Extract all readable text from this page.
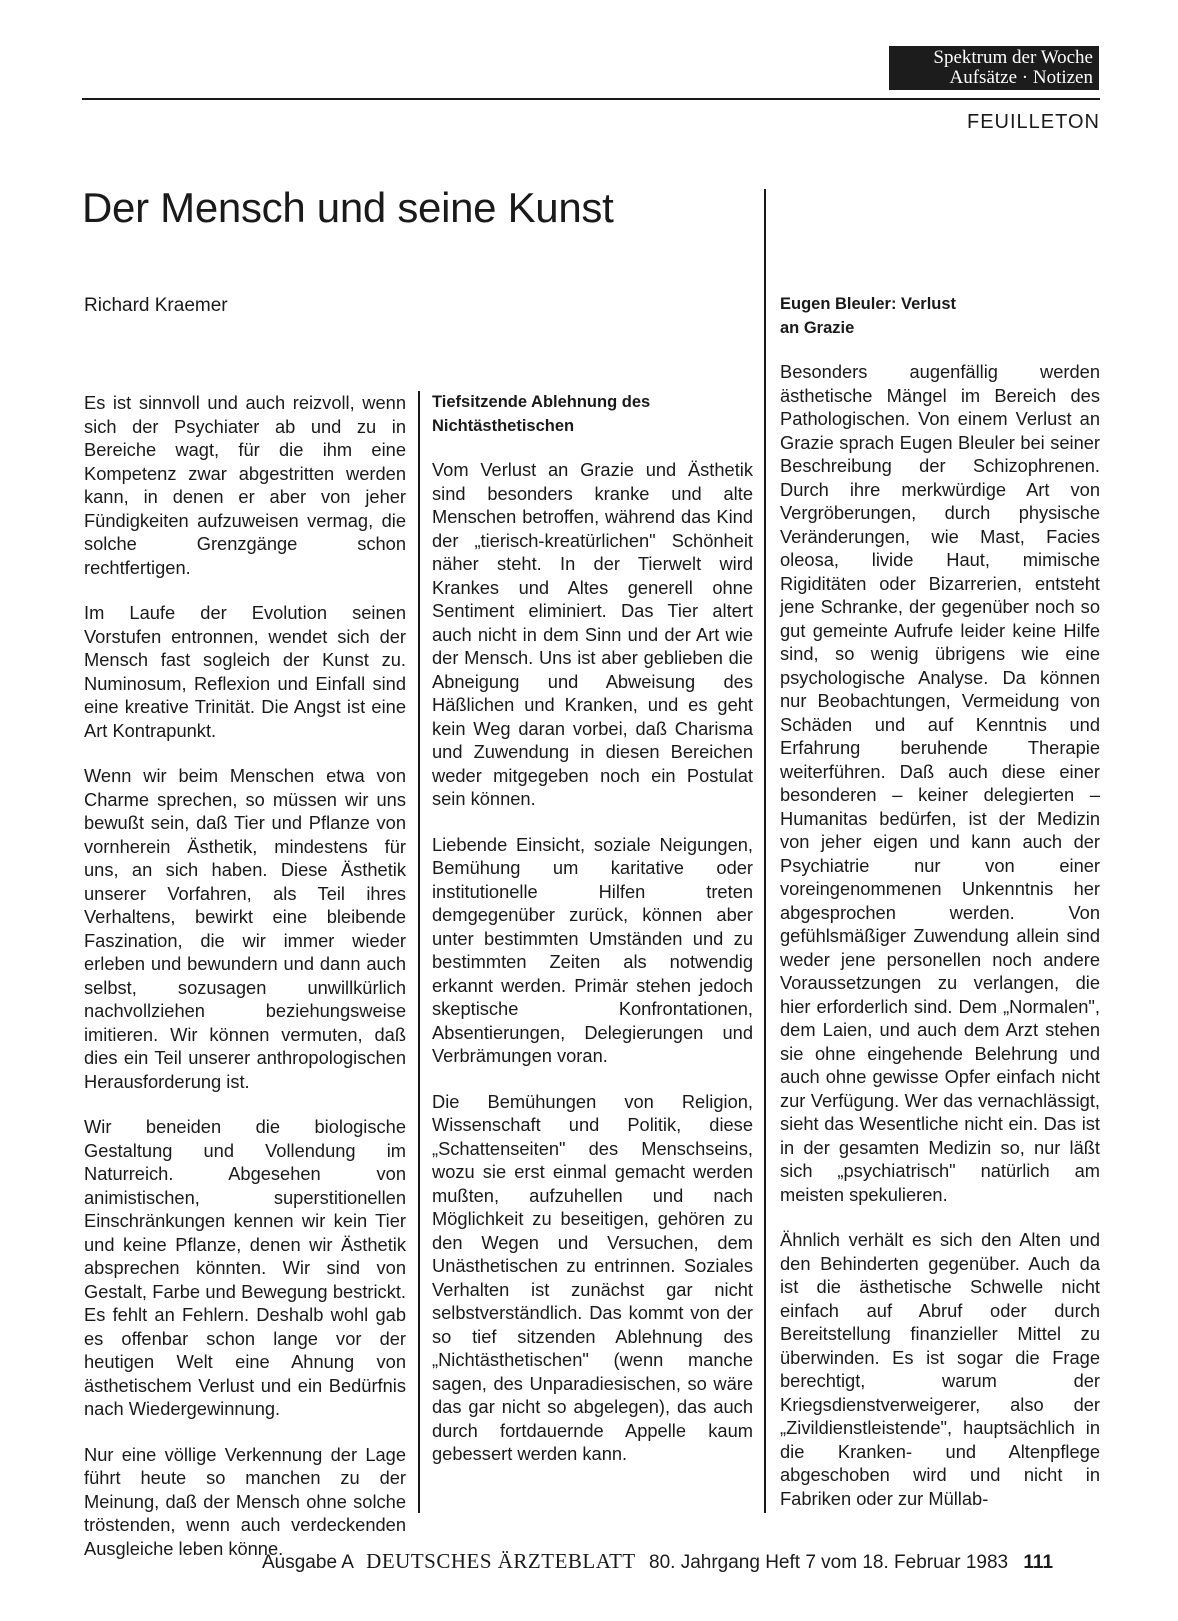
Spektrum der Woche
Aufsätze · Notizen
FEUILLETON
Der Mensch und seine Kunst
Richard Kraemer

Es ist sinnvoll und auch reizvoll, wenn sich der Psychiater ab und zu in Bereiche wagt, für die ihm eine Kompetenz zwar abgestritten werden kann, in denen er aber von jeher Fündigkeiten aufzuweisen vermag, die solche Grenzgänge schon rechtfertigen.

Im Laufe der Evolution seinen Vorstufen entronnen, wendet sich der Mensch fast sogleich der Kunst zu. Numinosum, Reflexion und Einfall sind eine kreative Trinität. Die Angst ist eine Art Kontrapunkt.

Wenn wir beim Menschen etwa von Charme sprechen, so müssen wir uns bewußt sein, daß Tier und Pflanze von vornherein Ästhetik, mindestens für uns, an sich haben. Diese Ästhetik unserer Vorfahren, als Teil ihres Verhaltens, bewirkt eine bleibende Faszination, die wir immer wieder erleben und bewundern und dann auch selbst, sozusagen unwillkürlich nachvollziehen beziehungsweise imitieren. Wir können vermuten, daß dies ein Teil unserer anthropologischen Herausforderung ist.

Wir beneiden die biologische Gestaltung und Vollendung im Naturreich. Abgesehen von animistischen, superstitionellen Einschränkungen kennen wir kein Tier und keine Pflanze, denen wir Ästhetik absprechen könnten. Wir sind von Gestalt, Farbe und Bewegung bestrickt. Es fehlt an Fehlern. Deshalb wohl gab es offenbar schon lange vor der heutigen Welt eine Ahnung von ästhetischem Verlust und ein Bedürfnis nach Wiedergewinnung.

Nur eine völlige Verkennung der Lage führt heute so manchen zu der Meinung, daß der Mensch ohne solche tröstenden, wenn auch verdeckenden Ausgleiche leben könne.

Tiefsitzende Ablehnung des Nichtästhetischen

Vom Verlust an Grazie und Ästhetik sind besonders kranke und alte Menschen betroffen, während das Kind der „tierisch-kreatürlichen" Schönheit näher steht. In der Tierwelt wird Krankes und Altes generell ohne Sentiment eliminiert. Das Tier altert auch nicht in dem Sinn und der Art wie der Mensch. Uns ist aber geblieben die Abneigung und Abweisung des Häßlichen und Kranken, und es geht kein Weg daran vorbei, daß Charisma und Zuwendung in diesen Bereichen weder mitgegeben noch ein Postulat sein können.

Liebende Einsicht, soziale Neigungen, Bemühung um karitative oder institutionelle Hilfen treten demgegenüber zurück, können aber unter bestimmten Umständen und zu bestimmten Zeiten als notwendig erkannt werden. Primär stehen jedoch skeptische Konfrontationen, Absentierungen, Delegierungen und Verbrämungen voran.

Die Bemühungen von Religion, Wissenschaft und Politik, diese „Schattenseiten" des Menschseins, wozu sie erst einmal gemacht werden mußten, aufzuhellen und nach Möglichkeit zu beseitigen, gehören zu den Wegen und Versuchen, dem Unästhetischen zu entrinnen. Soziales Verhalten ist zunächst gar nicht selbstverständlich. Das kommt von der so tief sitzenden Ablehnung des „Nichtästhetischen" (wenn manche sagen, des Unparadiesischen, so wäre das gar nicht so abgelegen), das auch durch fortdauernde Appelle kaum gebessert werden kann.

Eugen Bleuler: Verlust an Grazie

Besonders augenfällig werden ästhetische Mängel im Bereich des Pathologischen. Von einem Verlust an Grazie sprach Eugen Bleuler bei seiner Beschreibung der Schizophrenen. Durch ihre merkwürdige Art von Vergröberungen, durch physische Veränderungen, wie Mast, Facies oleosa, livide Haut, mimische Rigiditäten oder Bizarrerien, entsteht jene Schranke, der gegenüber noch so gut gemeinte Aufrufe leider keine Hilfe sind, so wenig übrigens wie eine psychologische Analyse. Da können nur Beobachtungen, Vermeidung von Schäden und auf Kenntnis und Erfahrung beruhende Therapie weiterführen. Daß auch diese einer besonderen – keiner delegierten – Humanitas bedürfen, ist der Medizin von jeher eigen und kann auch der Psychiatrie nur von einer voreingenommenen Unkenntnis her abgesprochen werden. Von gefühlsmäßiger Zuwendung allein sind weder jene personellen noch andere Voraussetzungen zu verlangen, die hier erforderlich sind. Dem „Normalen", dem Laien, und auch dem Arzt stehen sie ohne eingehende Belehrung und auch ohne gewisse Opfer einfach nicht zur Verfügung. Wer das vernachlässigt, sieht das Wesentliche nicht ein. Das ist in der gesamten Medizin so, nur läßt sich „psychiatrisch" natürlich am meisten spekulieren.

Ähnlich verhält es sich den Alten und den Behinderten gegenüber. Auch da ist die ästhetische Schwelle nicht einfach auf Abruf oder durch Bereitstellung finanzieller Mittel zu überwinden. Es ist sogar die Frage berechtigt, warum der Kriegsdienstverweigerer, also der „Zivildienstleistende", hauptsächlich in die Kranken- und Altenpflege abgeschoben wird und nicht in Fabriken oder zur Müllab-

Ausgabe A DEUTSCHES ÄRZTEBLATT 80. Jahrgang Heft 7 vom 18. Februar 1983 111
